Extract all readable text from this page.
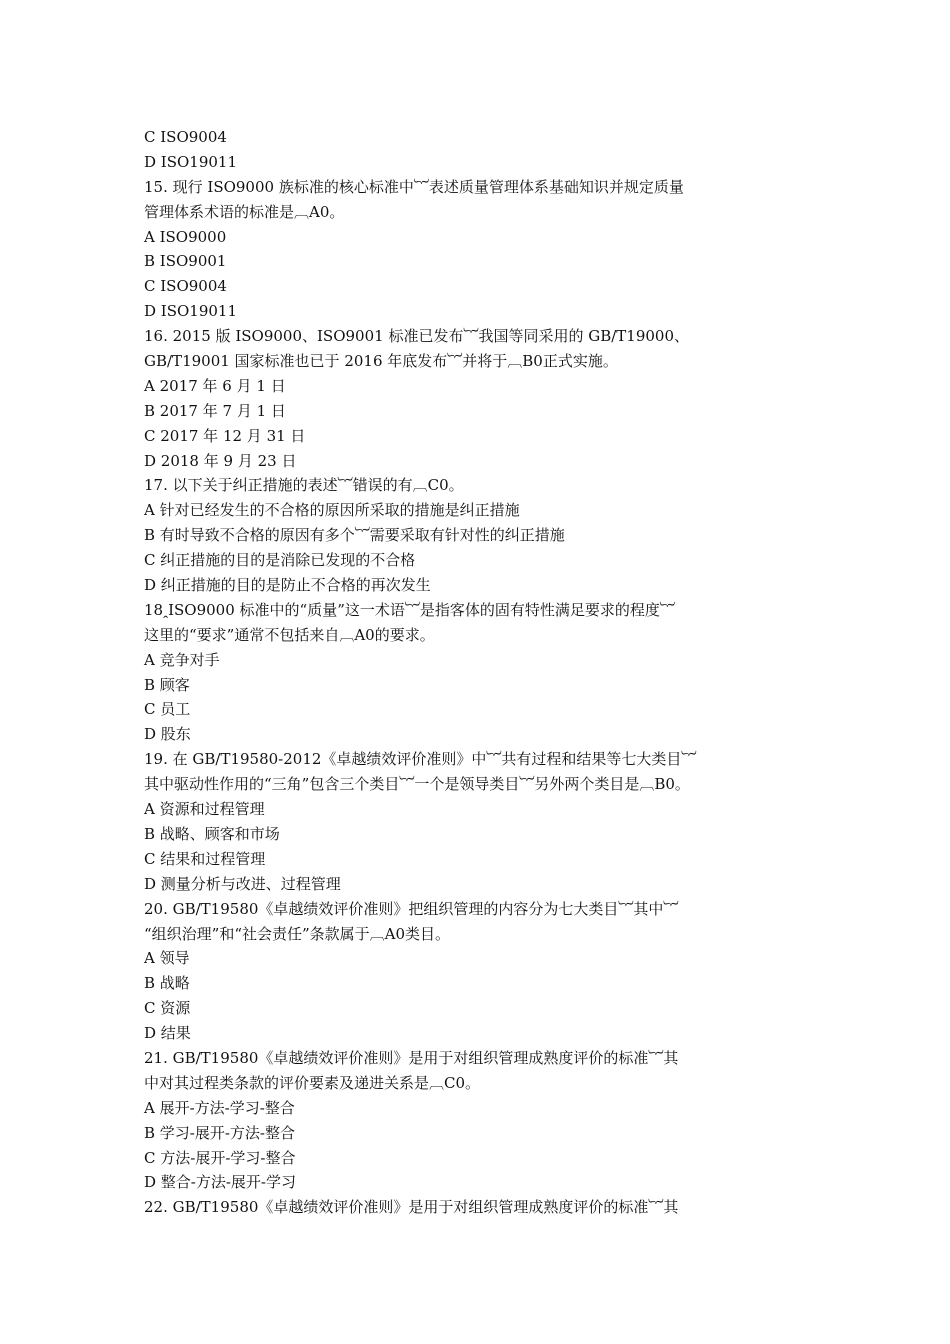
C ISO9004
D ISO19011
15. 现行 ISO9000 族标准的核心标准中︸表述质量管理体系基础知识并规定质量
管理体系术语的标准是︹A0。
A ISO9000
B ISO9001
C ISO9004
D ISO19011
16. 2015 版 ISO9000、ISO9001 标准已发布︸我国等同采用的 GB/T19000、
GB/T19001 国家标准也已于 2016 年底发布︸并将于︹B0正式实施。
A 2017 年 6 月 1 日
B 2017 年 7 月 1 日
C 2017 年 12 月 31 日
D 2018 年 9 月 23 日
17. 以下关于纠正措施的表述︸错误的有︹C0。
A 针对已经发生的不合格的原因所采取的措施是纠正措施
B 有时导致不合格的原因有多个︸需要采取有针对性的纠正措施
C 纠正措施的目的是消除已发现的不合格
D 纠正措施的目的是防止不合格的再次发生
18ꞈISO9000 标准中的“质量”这一术语︸是指客体的固有特性满足要求的程度︸
这里的“要求”通常不包括来自︹A0的要求。
A 竞争对手
B 顾客
C 员工
D 股东
19. 在 GB/T19580-2012《卓越绩效评价准则》中︸共有过程和结果等七大类目︸
其中驱动性作用的“三角”包含三个类目︸一个是领导类目︸另外两个类目是︹B0。
A 资源和过程管理
B 战略、顾客和市场
C 结果和过程管理
D 测量分析与改进、过程管理
20. GB/T19580《卓越绩效评价准则》把组织管理的内容分为七大类目︸其中︸
“组织治理”和“社会责任”条款属于︹A0类目。
A 领导
B 战略
C 资源
D 结果
21. GB/T19580《卓越绩效评价准则》是用于对组织管理成熟度评价的标准︸其
中对其过程类条款的评价要素及递进关系是︹C0。
A 展开-方法-学习-整合
B 学习-展开-方法-整合
C 方法-展开-学习-整合
D 整合-方法-展开-学习
22. GB/T19580《卓越绩效评价准则》是用于对组织管理成熟度评价的标准︸其
